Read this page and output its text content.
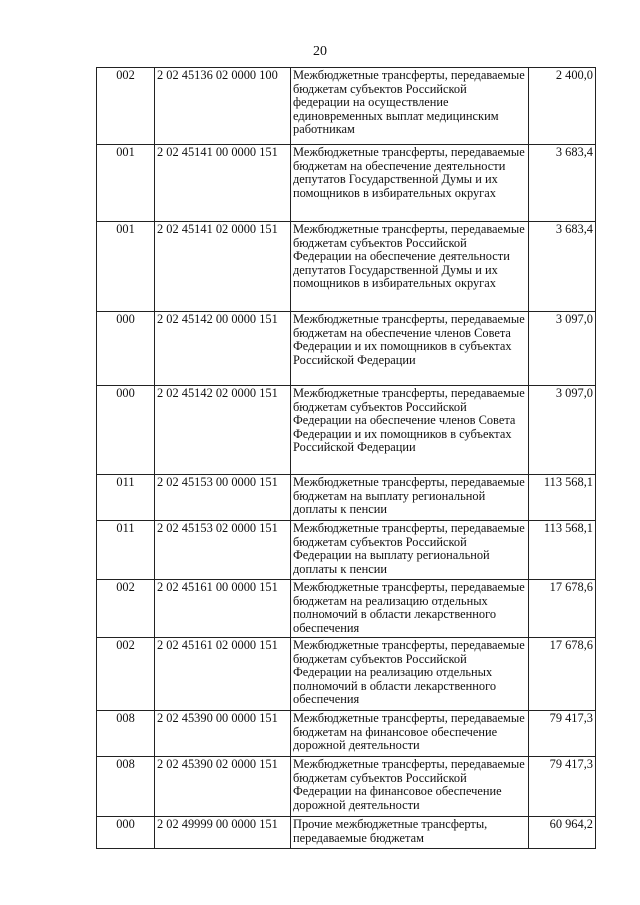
20
002	2 02 45136 02 0000 100	Межбюджетные трансферты, передаваемые бюджетам субъектов Российской федерации на осуществление единовременных выплат медицинским работникам	2 400,0
001	2 02 45141 00 0000 151	Межбюджетные трансферты, передаваемые бюджетам на обеспечение деятельности депутатов Государственной Думы и их помощников в избирательных округах	3 683,4
001	2 02 45141 02 0000 151	Межбюджетные трансферты, передаваемые бюджетам субъектов Российской Федерации на обеспечение деятельности депутатов Государственной Думы и их помощников в избирательных округах	3 683,4
000	2 02 45142 00 0000 151	Межбюджетные трансферты, передаваемые бюджетам на обеспечение членов Совета Федерации и их помощников в субъектах Российской Федерации	3 097,0
000	2 02 45142 02 0000 151	Межбюджетные трансферты, передаваемые бюджетам субъектов Российской Федерации на обеспечение членов Совета Федерации и их помощников в субъектах Российской Федерации	3 097,0
011	2 02 45153 00 0000 151	Межбюджетные трансферты, передаваемые бюджетам на выплату региональной доплаты к пенсии	113 568,1
011	2 02 45153 02 0000 151	Межбюджетные трансферты, передаваемые бюджетам субъектов Российской Федерации на выплату региональной доплаты к пенсии	113 568,1
002	2 02 45161 00 0000 151	Межбюджетные трансферты, передаваемые бюджетам на реализацию отдельных полномочий в области лекарственного обеспечения	17 678,6
002	2 02 45161 02 0000 151	Межбюджетные трансферты, передаваемые бюджетам субъектов Российской Федерации на реализацию отдельных полномочий в области лекарственного обеспечения	17 678,6
008	2 02 45390 00 0000 151	Межбюджетные трансферты, передаваемые бюджетам на финансовое обеспечение дорожной деятельности	79 417,3
008	2 02 45390 02 0000 151	Межбюджетные трансферты, передаваемые бюджетам субъектов Российской Федерации на финансовое обеспечение дорожной деятельности	79 417,3
000	2 02 49999 00 0000 151	Прочие межбюджетные трансферты, передаваемые бюджетам	60 964,2
